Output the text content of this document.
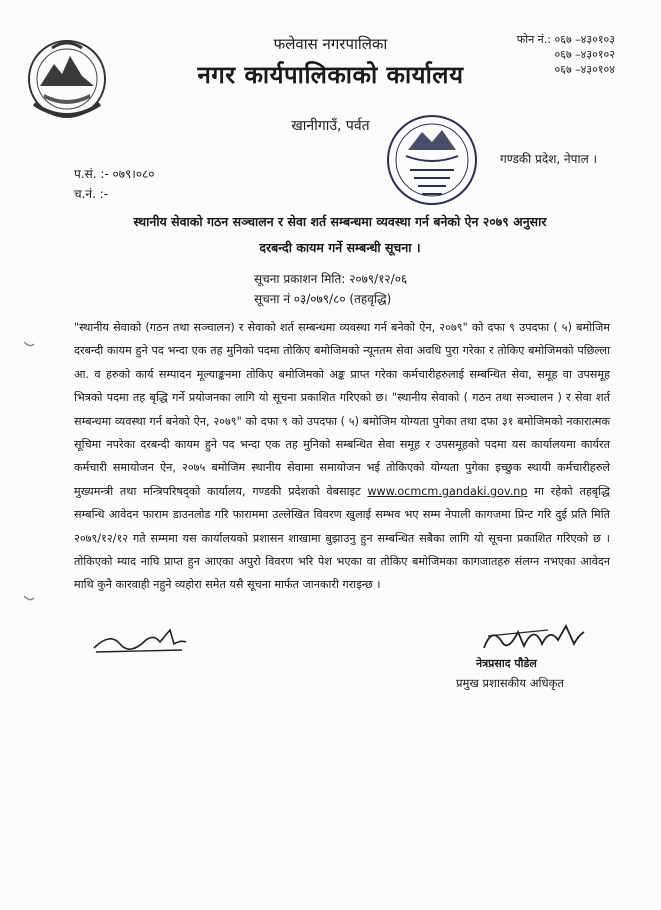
फलेवास नगरपालिका
नगर कार्यपालिकाको कार्यालय
खानीगाउँ, पर्वत
फोन नं.: ०६७ –४३०१०३
०६७ –४३०१०२
०६७ –४३०१०४
गण्डकी प्रदेश, नेपाल ।
प.सं. :- ०७९।०८०
च.नं. :-
स्थानीय सेवाको गठन सञ्चालन र सेवा शर्त सम्बन्धमा व्यवस्था गर्न बनेको ऐन २०७९ अनुसार
दरबन्दी कायम गर्ने सम्बन्धी सूचना ।
सूचना प्रकाशन मिति: २०७९/१२/०६
सूचना नं ०३/०७९/८० (तहवृद्धि)
"स्थानीय सेवाको (गठन तथा सञ्चालन) र सेवाको शर्त सम्बन्धमा व्यवस्था गर्न बनेको ऐन, २०७९" को दफा ९ उपदफा ( ५) बमोजिम दरबन्दी कायम हुने पद भन्दा एक तह मुनिको पदमा तोकिए बमोजिमको न्यूनतम सेवा अवधि पुरा गरेका र तोकिए बमोजिमको पछिल्ला आ. व हरुको कार्य सम्पादन मूल्याङ्कनमा तोकिए बमोजिमको अङ्क प्राप्त गरेका कर्मचारीहरुलाई सम्बन्धित सेवा, समूह वा उपसमूह भित्रको पदमा तह बृद्धि गर्ने प्रयोजनका लागि यो सूचना प्रकाशित गरिएको छ। "स्थानीय सेवाको ( गठन तथा सञ्चालन ) र सेवा शर्त सम्बन्धमा व्यवस्था गर्न बनेको ऐन, २०७९" को दफा ९ को उपदफा ( ५) बमोजिम योग्यता पुगेका तथा दफा ३१ बमोजिमको नकारात्मक सूचिमा नपरेका दरबन्दी कायम हुने पद भन्दा एक तह मुनिको सम्बन्धित सेवा समूह र उपसमूहको पदमा यस कार्यालयमा कार्यरत कर्मचारी समायोजन ऐन, २०७५ बमोजिम स्थानीय सेवामा समायोजन भई तोकिएको योग्यता पुगेका इच्छुक स्थायी कर्मचारीहरुले मुख्यमन्त्री तथा मन्त्रिपरिषद्को कार्यालय, गण्डकी प्रदेशको वेबसाइट www.ocmcm.gandaki.gov.np मा रहेको तहबृद्धि सम्बन्धि आवेदन फाराम डाउनलोड गरि फाराममा उल्लेखित विवरण खुलाई सम्भव भए सम्म नेपाली कागजमा प्रिन्ट गरि दुई प्रति मिति २०७९/१२/१२ गते सम्ममा यस कार्यालयको प्रशासन शाखामा बुझाउनु हुन सम्बन्धित सबैका लागि यो सूचना प्रकाशित गरिएको छ । तोकिएको म्याद नाघि प्राप्त हुन आएका अपुरो विवरण भरि पेश भएका वा तोकिए बमोजिमका कागजातहरु संलग्न नभएका आवेदन माथि कुनै कारवाही नहुने व्यहोरा समेत यसै सूचना मार्फत जानकारी गराइन्छ ।
नेत्रप्रसाद पौडेल
प्रमुख प्रशासकीय अधिकृत
